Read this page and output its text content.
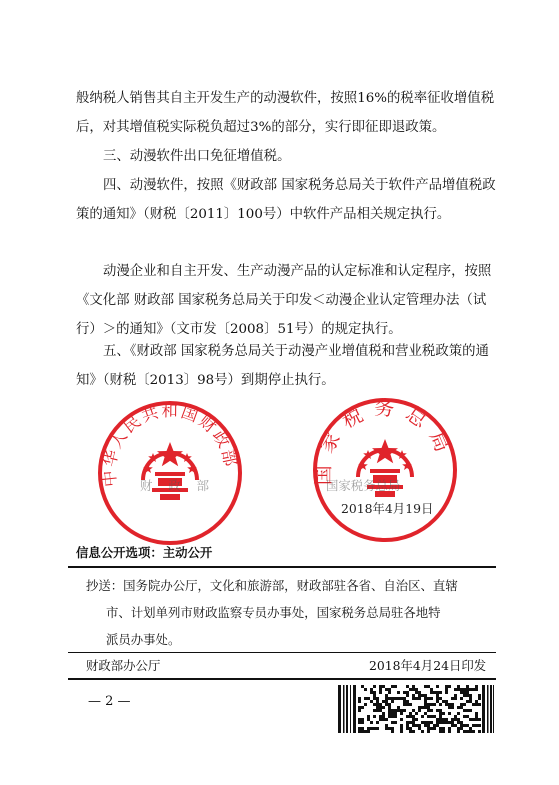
般纳税人销售其自主开发生产的动漫软件，按照16%的税率征收增值税后，对其增值税实际税负超过3%的部分，实行即征即退政策。

三、动漫软件出口免征增值税。

四、动漫软件，按照《财政部 国家税务总局关于软件产品增值税政策的通知》（财税〔2011〕100号）中软件产品相关规定执行。

动漫企业和自主开发、生产动漫产品的认定标准和认定程序，按照《文化部 财政部 国家税务总局关于印发＜动漫企业认定管理办法（试行）＞的通知》（文市发〔2008〕51号）的规定执行。

五、《财政部 国家税务总局关于动漫产业增值税和营业税政策的通知》（财税〔2013〕98号）到期停止执行。

中华人民共和国财政部	国家税务总局
财 政 部	国家税务总局
2018年4月19日
信息公开选项：主动公开
抄送：国务院办公厅，文化和旅游部，财政部驻各省、自治区、直辖
市、计划单列市财政监察专员办事处，国家税务总局驻各地特
派员办事处。
财政部办公厅	2018年4月24日印发
— 2 —
